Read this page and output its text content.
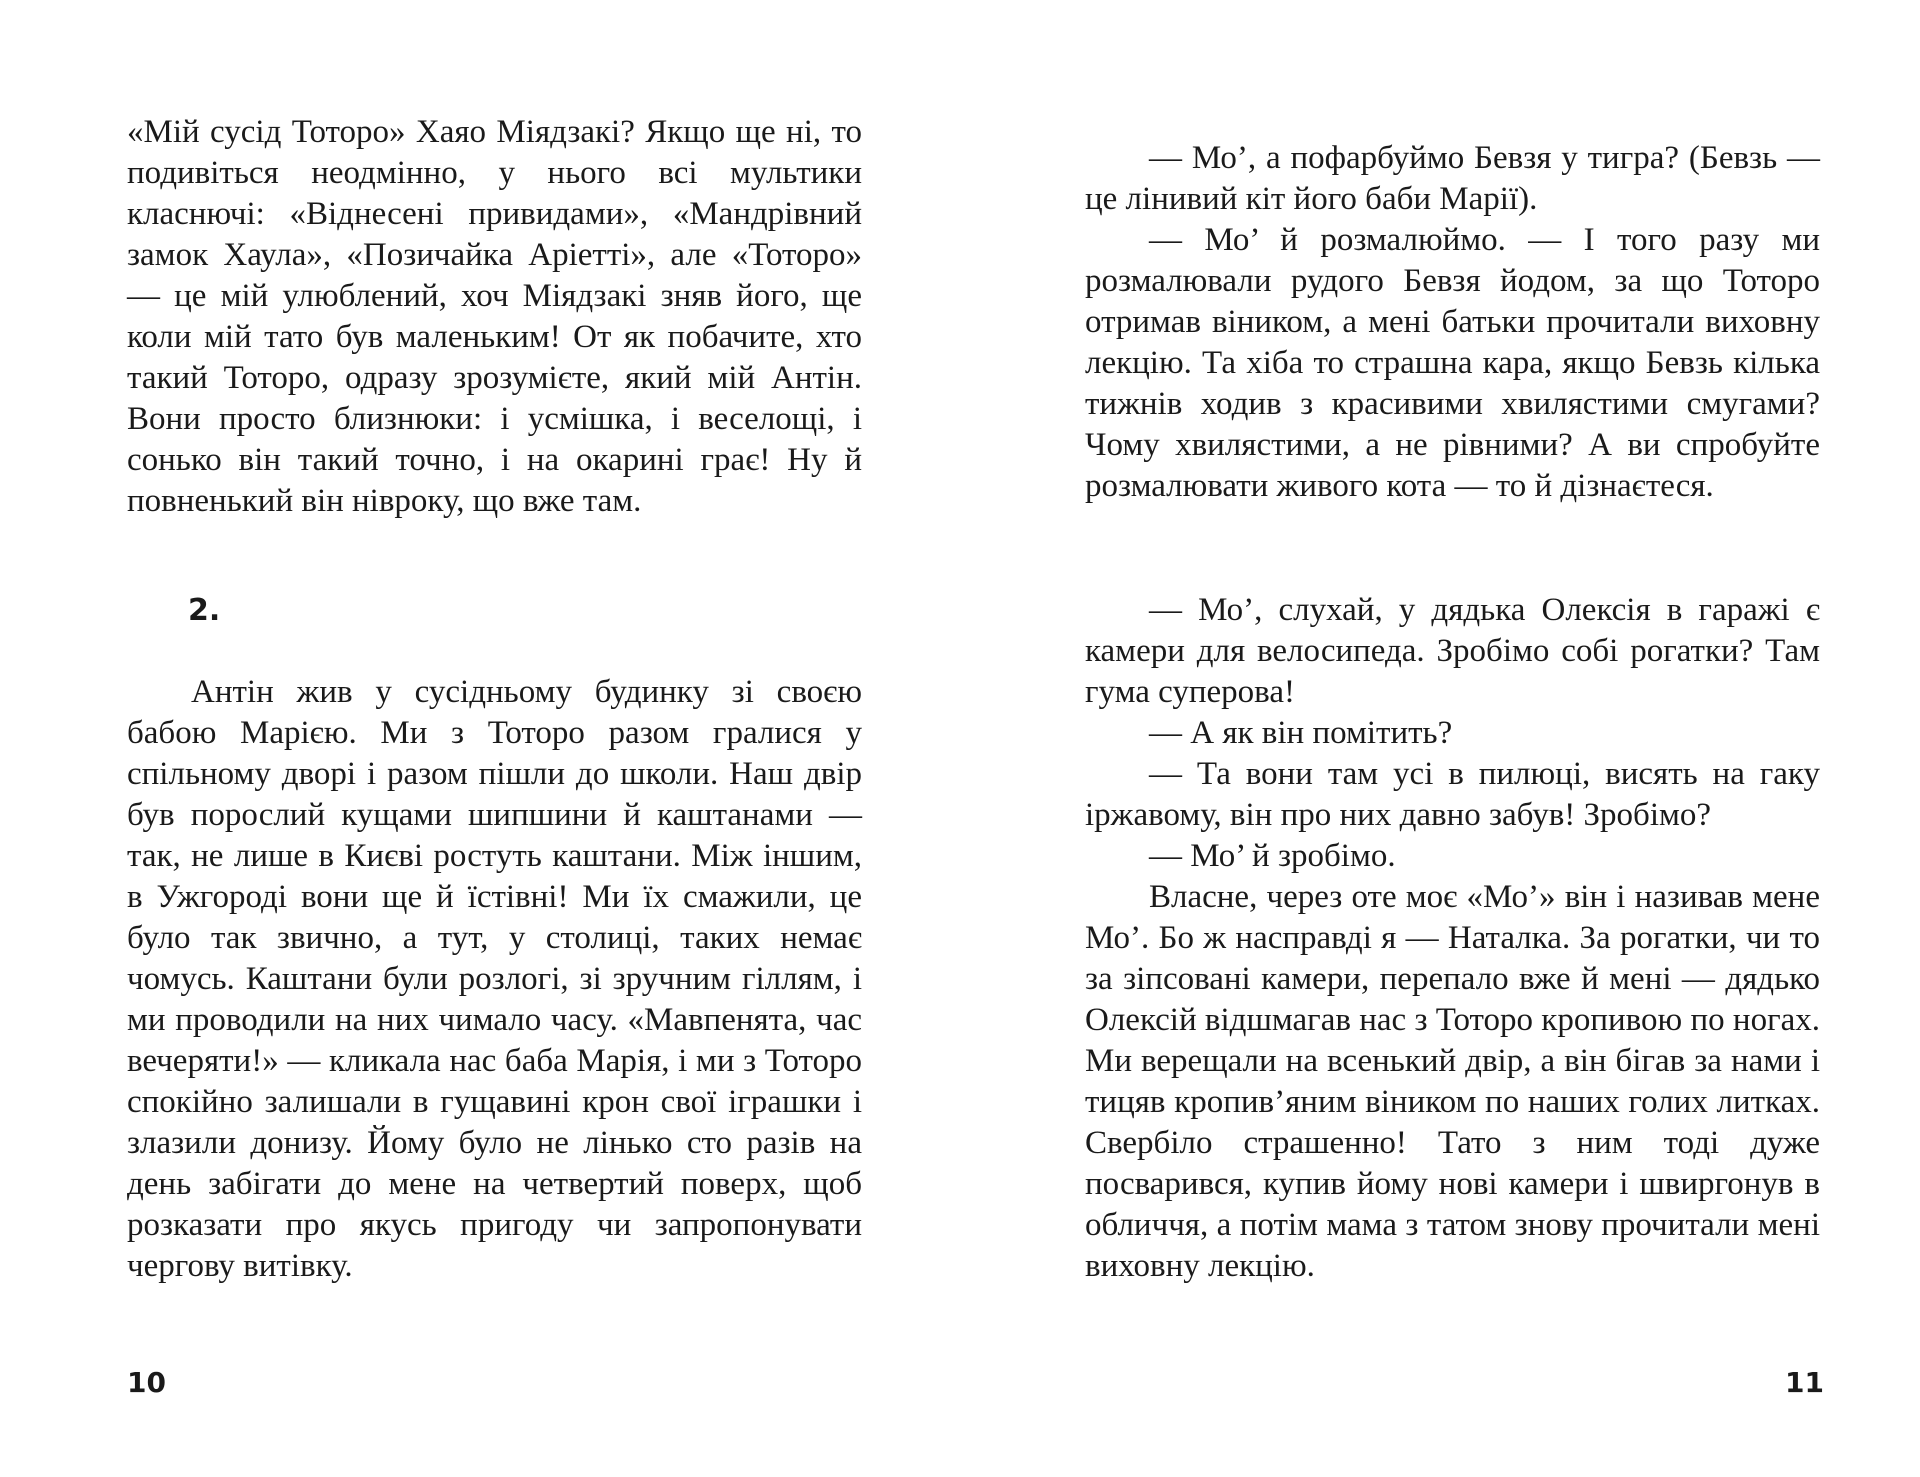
«Мій сусід Тоторо» Хаяо Міядзакі? Якщо ще ні, то подивіться неодмінно, у нього всі мультики класнючі: «Віднесені привидами», «Мандрівний замок Хаула», «Позичайка Аріетті», але «Тоторо» — це мій улюблений, хоч Міядзакі зняв його, ще коли мій тато був маленьким! От як побачите, хто такий Тоторо, одразу зрозумієте, який мій Антін. Вони просто близнюки: і усмішка, і веселощі, і сонько він такий точно, і на окарині грає! Ну й повненький він нівроку, що вже там.

2.

Антін жив у сусідньому будинку зі своєю бабою Марією. Ми з Тоторо разом гралися у спільному дворі і разом пішли до школи. Наш двір був порослий кущами шипшини й каштанами — так, не лише в Києві ростуть каштани. Між іншим, в Ужгороді вони ще й їстівні! Ми їх смажили, це було так звично, а тут, у столиці, таких немає чомусь. Каштани були розлогі, зі зручним гіллям, і ми проводили на них чимало часу. «Мавпенята, час вечеряти!» — кликала нас баба Марія, і ми з Тоторо спокійно залишали в гущавині крон свої іграшки і злазили донизу. Йому було не лінько сто разів на день забігати до мене на четвертий поверх, щоб розказати про якусь пригоду чи запропонувати чергову витівку.

10

— Мо’, а пофарбуймо Бевзя у тигра? (Бевзь — це лінивий кіт його баби Марії).

— Мо’ й розмалюймо. — І того разу ми розмалювали рудого Бевзя йодом, за що Тоторо отримав віником, а мені батьки прочитали виховну лекцію. Та хіба то страшна кара, якщо Бевзь кілька тижнів ходив з красивими хвилястими смугами? Чому хвилястими, а не рівними? А ви спробуйте розмалювати живого кота — то й дізнаєтеся.

— Мо’, слухай, у дядька Олексія в гаражі є камери для велосипеда. Зробімо собі рогатки? Там гума суперова!

— А як він помітить?

— Та вони там усі в пилюці, висять на гаку іржавому, він про них давно забув! Зробімо?

— Мо’ й зробімо.

Власне, через оте моє «Мо’» він і називав мене Мо’. Бо ж насправді я — Наталка. За рогатки, чи то за зіпсовані камери, перепало вже й мені — дядько Олексій відшмагав нас з Тоторо кропивою по ногах. Ми верещали на всенький двір, а він бігав за нами і тицяв кропив’яним віником по наших голих литках. Свербіло страшенно! Тато з ним тоді дуже посварився, купив йому нові камери і швиргонув в обличчя, а потім мама з татом знову прочитали мені виховну лекцію.

11
